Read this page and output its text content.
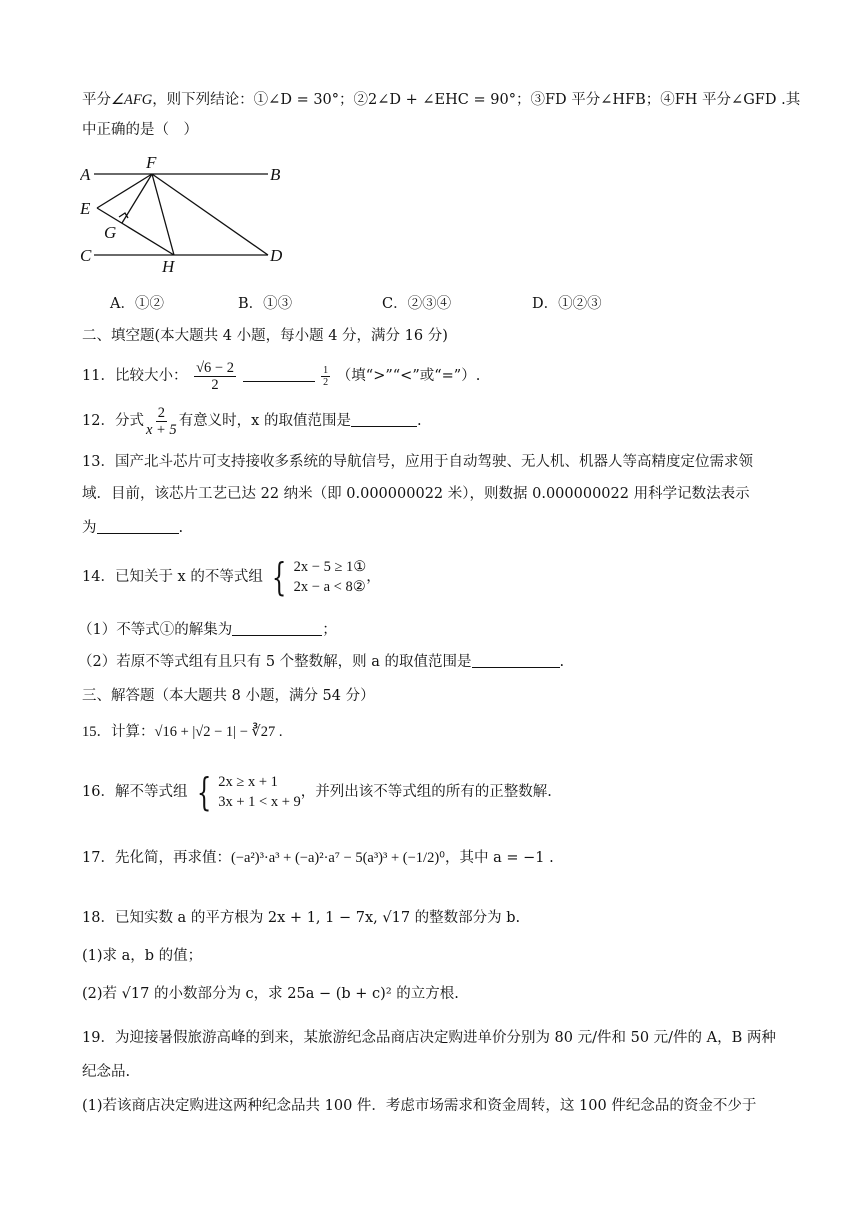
平分∠AFG，则下列结论：①∠D = 30°；②2∠D + ∠EHC = 90°；③FD 平分∠HFB；④FH 平分∠GFD .其
中正确的是（　）
A
F
B
E
G
C
H
D
A．①②	B．①③	C．②③④	D．①②③
二、填空题(本大题共 4 小题，每小题 4 分，满分 16 分)
11．比较大小： $\frac{√6 - 2}{2}$
	$\frac{1}{2}$ （填“>”“<”或“=”）.
12．分式 $\frac{2}{x + 5}$ 有意义时，x 的取值范围是	.
13．国产北斗芯片可支持接收多系统的导航信号，应用于自动驾驶、无人机、机器人等高精度定位需求领
域．目前，该芯片工艺已达 22 纳米（即 0.000000022 米），则数据 0.000000022 用科学记数法表示
为	.
14．已知关于 x 的不等式组 { 2x − 5 ≥ 1①
2x − a < 8②
，
（1）不等式①的解集为	；
（2）若原不等式组有且只有 5 个整数解，则 a 的取值范围是	.
三、解答题（本大题共 8 小题，满分 54 分）
15．计算：√16 + |√2 − 1| − ∛27 .
16．解不等式组 { 2x ≥ x + 1
3x + 1 < x + 9
，并列出该不等式组的所有的正整数解.
17．先化简，再求值：(−a²)³·a³ + (−a)²·a⁷ − 5(a³)³ + (−1/2)⁰，其中 a = −1 .
18．已知实数 a 的平方根为 2x + 1, 1 − 7x, √17 的整数部分为 b.
(1)求 a，b 的值；
(2)若 √17 的小数部分为 c，求 25a − (b + c)² 的立方根.
19．为迎接暑假旅游高峰的到来，某旅游纪念品商店决定购进单价分别为 80 元/件和 50 元/件的 A，B 两种
纪念品.
(1)若该商店决定购进这两种纪念品共 100 件．考虑市场需求和资金周转，这 100 件纪念品的资金不少于
